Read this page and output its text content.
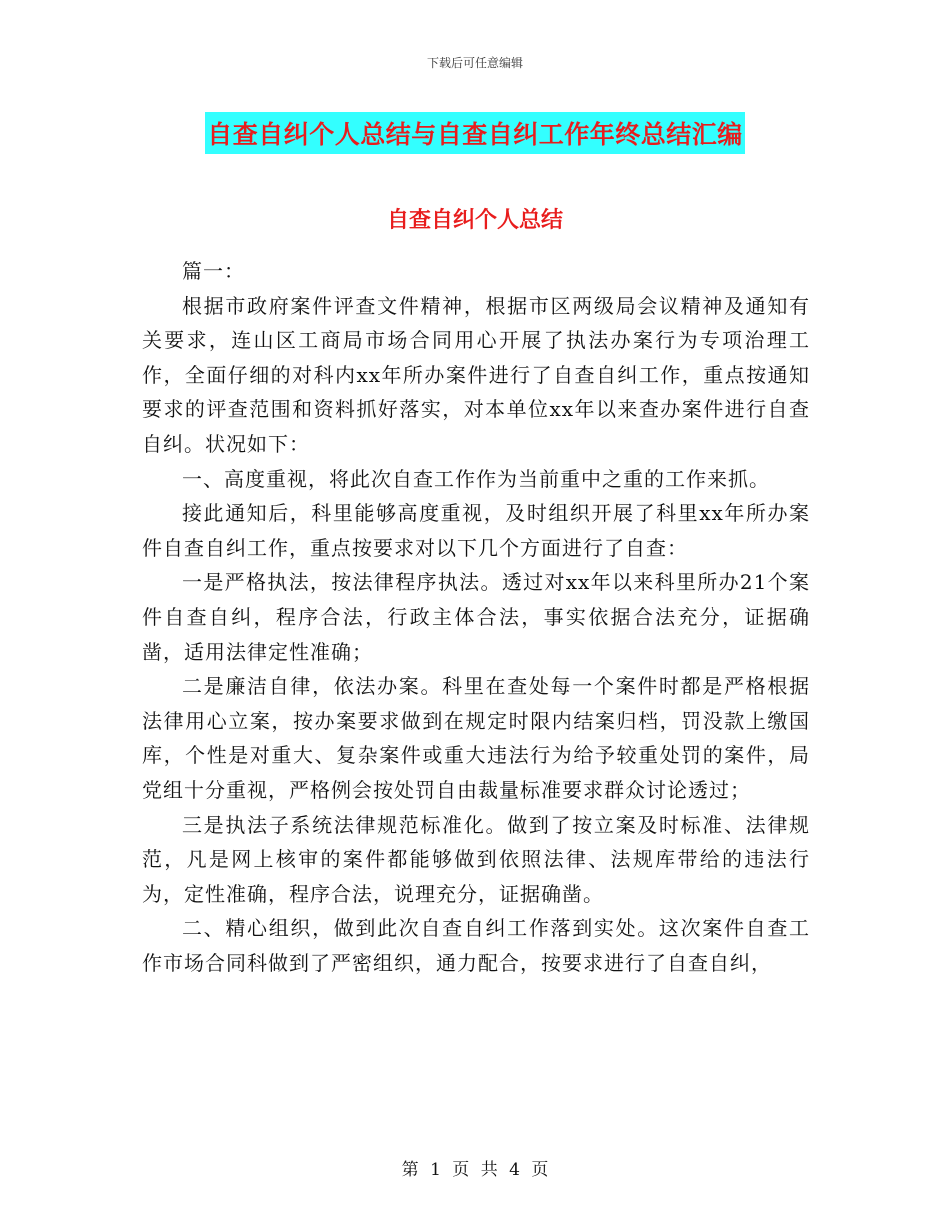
下载后可任意编辑
自查自纠个人总结与自查自纠工作年终总结汇编
自查自纠个人总结

篇一：

根据市政府案件评查文件精神，根据市区两级局会议精神及通知有关要求，连山区工商局市场合同用心开展了执法办案行为专项治理工作，全面仔细的对科内xx年所办案件进行了自查自纠工作，重点按通知要求的评查范围和资料抓好落实，对本单位xx年以来查办案件进行自查自纠。状况如下：

一、高度重视，将此次自查工作作为当前重中之重的工作来抓。

接此通知后，科里能够高度重视，及时组织开展了科里xx年所办案件自查自纠工作，重点按要求对以下几个方面进行了自查：

一是严格执法，按法律程序执法。透过对xx年以来科里所办21个案件自查自纠，程序合法，行政主体合法，事实依据合法充分，证据确凿，适用法律定性准确；

二是廉洁自律，依法办案。科里在查处每一个案件时都是严格根据法律用心立案，按办案要求做到在规定时限内结案归档，罚没款上缴国库，个性是对重大、复杂案件或重大违法行为给予较重处罚的案件，局党组十分重视，严格例会按处罚自由裁量标准要求群众讨论透过；

三是执法子系统法律规范标准化。做到了按立案及时标准、法律规范，凡是网上核审的案件都能够做到依照法律、法规库带给的违法行为，定性准确，程序合法，说理充分，证据确凿。

二、精心组织，做到此次自查自纠工作落到实处。这次案件自查工作市场合同科做到了严密组织，通力配合，按要求进行了自查自纠，

第 1 页 共 4 页
